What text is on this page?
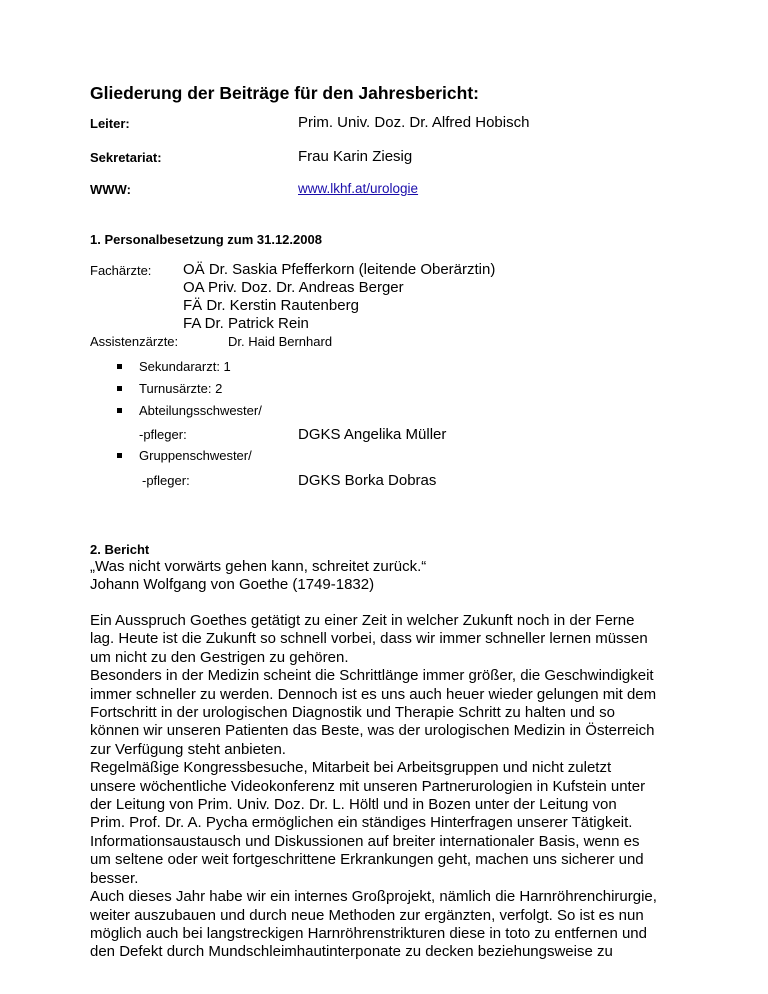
Gliederung der Beiträge für den Jahresbericht:
Leiter:	Prim. Univ. Doz. Dr. Alfred Hobisch
Sekretariat:	Frau Karin Ziesig
WWW:	www.lkhf.at/urologie
1. Personalbesetzung zum 31.12.2008
Fachärzte: OÄ Dr. Saskia Pfefferkorn (leitende Oberärztin)
OA Priv. Doz. Dr. Andreas Berger
FÄ Dr. Kerstin Rautenberg
FA Dr. Patrick Rein
Assistenzärzte:	Dr. Haid Bernhard
Sekundararzt: 1
Turnusärzte: 2
Abteilungsschwester/
-pfleger:	DGKS Angelika Müller
Gruppenschwester/
-pfleger:	DGKS Borka Dobras
2. Bericht
„Was nicht vorwärts gehen kann, schreitet zurück.“
Johann Wolfgang von Goethe (1749-1832)
Ein Ausspruch Goethes getätigt zu einer Zeit in welcher Zukunft noch in der Ferne
lag. Heute ist die Zukunft so schnell vorbei, dass wir immer schneller lernen müssen
um nicht zu den Gestrigen zu gehören.
Besonders in der Medizin scheint die Schrittlänge immer größer, die Geschwindigkeit
immer schneller zu werden. Dennoch ist es uns auch heuer wieder gelungen mit dem
Fortschritt in der urologischen Diagnostik und Therapie Schritt zu halten und so
können wir unseren Patienten das Beste, was der urologischen Medizin in Österreich
zur Verfügung steht anbieten.
Regelmäßige Kongressbesuche, Mitarbeit bei Arbeitsgruppen und nicht zuletzt
unsere wöchentliche Videokonferenz mit unseren Partnerurologien in Kufstein unter
der Leitung von Prim. Univ. Doz. Dr. L. Höltl und in Bozen unter der Leitung von
Prim. Prof. Dr. A. Pycha ermöglichen ein ständiges Hinterfragen unserer Tätigkeit.
Informationsaustausch und Diskussionen auf breiter internationaler Basis, wenn es
um seltene oder weit fortgeschrittene Erkrankungen geht, machen uns sicherer und
besser.
Auch dieses Jahr habe wir ein internes Großprojekt, nämlich die Harnröhrenchirurgie,
weiter auszubauen und durch neue Methoden zur ergänzten, verfolgt. So ist es nun
möglich auch bei langstreckigen Harnröhrenstrikturen diese in toto zu entfernen und
den Defekt durch Mundschleimhautinterponate zu decken beziehungsweise zu
